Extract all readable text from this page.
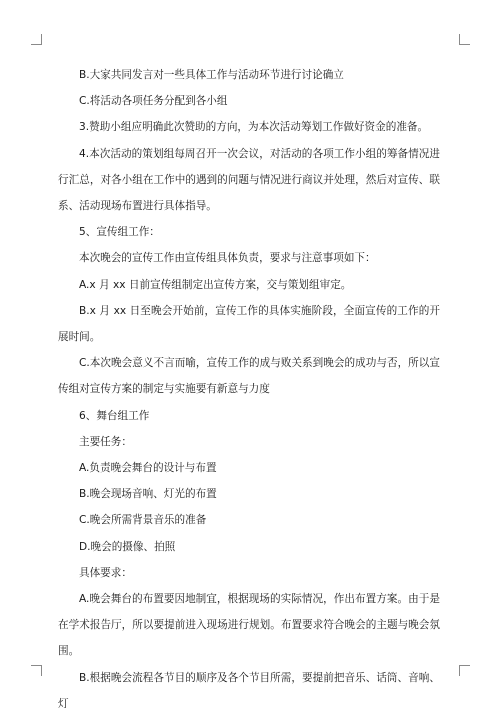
B.大家共同发言对一些具体工作与活动环节进行讨论确立

C.将活动各项任务分配到各小组

3.赞助小组应明确此次赞助的方向，为本次活动筹划工作做好资金的准备。

4.本次活动的策划组每周召开一次会议，对活动的各项工作小组的筹备情况进行汇总，对各小组在工作中的遇到的问题与情况进行商议并处理，然后对宣传、联系、活动现场布置进行具体指导。

5、宣传组工作：

本次晚会的宣传工作由宣传组具体负责，要求与注意事项如下：

A.x 月 xx 日前宣传组制定出宣传方案，交与策划组审定。

B.x 月 xx 日至晚会开始前，宣传工作的具体实施阶段，全面宣传的工作的开展时间。

C.本次晚会意义不言而喻，宣传工作的成与败关系到晚会的成功与否，所以宣传组对宣传方案的制定与实施要有新意与力度

6、舞台组工作

主要任务：

A.负责晚会舞台的设计与布置

B.晚会现场音响、灯光的布置

C.晚会所需背景音乐的准备

D.晚会的摄像、拍照

具体要求：

A.晚会舞台的布置要因地制宜，根据现场的实际情况，作出布置方案。由于是在学术报告厅，所以要提前进入现场进行规划。布置要求符合晚会的主题与晚会氛围。

B.根据晚会流程各节目的顺序及各个节目所需，要提前把音乐、话筒、音响、灯
